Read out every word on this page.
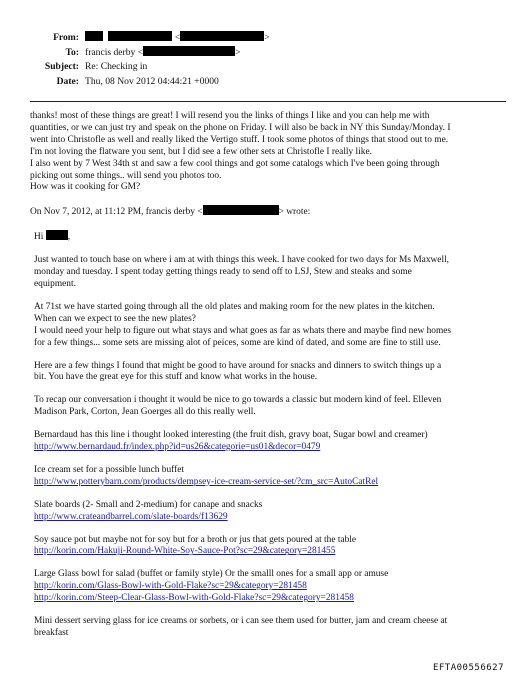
From:	<	>
To: francis derby <	>
Subject: Re: Checking in
Date: Thu, 08 Nov 2012 04:44:21 +0000

thanks! most of these things are great! I will resend you the links of things I like and you can help me with

quantities, or we can just try and speak on the phone on Friday. I will also be back in NY this Sunday/Monday. I

went into Christofle as well and really liked the Vertigo stuff. I took some photos of things that stood out to me.

I'm not loving the flatware you sent, but I did see a few other sets at Christofle I really like.

I also went by 7 West 34th st and saw a few cool things and got some catalogs which I've been going through

picking out some things.. will send you photos too.

How was it cooking for GM?

On Nov 7, 2012, at 11:12 PM, francis derby <	> wrote:

Hi	,

Just wanted to touch base on where i am at with things this week. I have cooked for two days for Ms Maxwell,

monday and tuesday. I spent today getting things ready to send off to LSJ, Stew and steaks and some

equipment.

At 71st we have started going through all the old plates and making room for the new plates in the kitchen.

When can we expect to see the new plates?

I would need your help to figure out what stays and what goes as far as whats there and maybe find new homes

for a few things... some sets are missing alot of peices, some are kind of dated, and some are fine to still use.

Here are a few things I found that might be good to have around for snacks and dinners to switch things up a

bit. You have the great eye for this stuff and know what works in the house.

To recap our conversation i thought it would be nice to go towards a classic but modern kind of feel. Elleven

Madison Park, Corton, Jean Goerges all do this really well.

Bernardaud has this line i thought looked interesting (the fruit dish, gravy boat, Sugar bowl and creamer)

http://www.bernardaud.fr/index.php?id=us26&categorie=us01&decor=0479

Ice cream set for a possible lunch buffet

http://www.potterybarn.com/products/dempsey-ice-cream-service-set/?cm_src=AutoCatRel

Slate boards (2- Small and 2-medium) for canape and snacks

http://www.crateandbarrel.com/slate-boards/f13629

Soy sauce pot but maybe not for soy but for a broth or jus that gets poured at the table

http://korin.com/Hakuji-Round-White-Soy-Sauce-Pot?sc=29&category=281455

Large Glass bowl for salad (buffet or family style) Or the smalll ones for a small app or amuse

http://korin.com/Glass-Bowl-with-Gold-Flake?sc=29&category=281458

http://korin.com/Steep-Clear-Glass-Bowl-with-Gold-Flake?sc=29&category=281458

Mini dessert serving glass for ice creams or sorbets, or i can see them used for butter, jam and cream cheese at

breakfast

EFTA00556627
